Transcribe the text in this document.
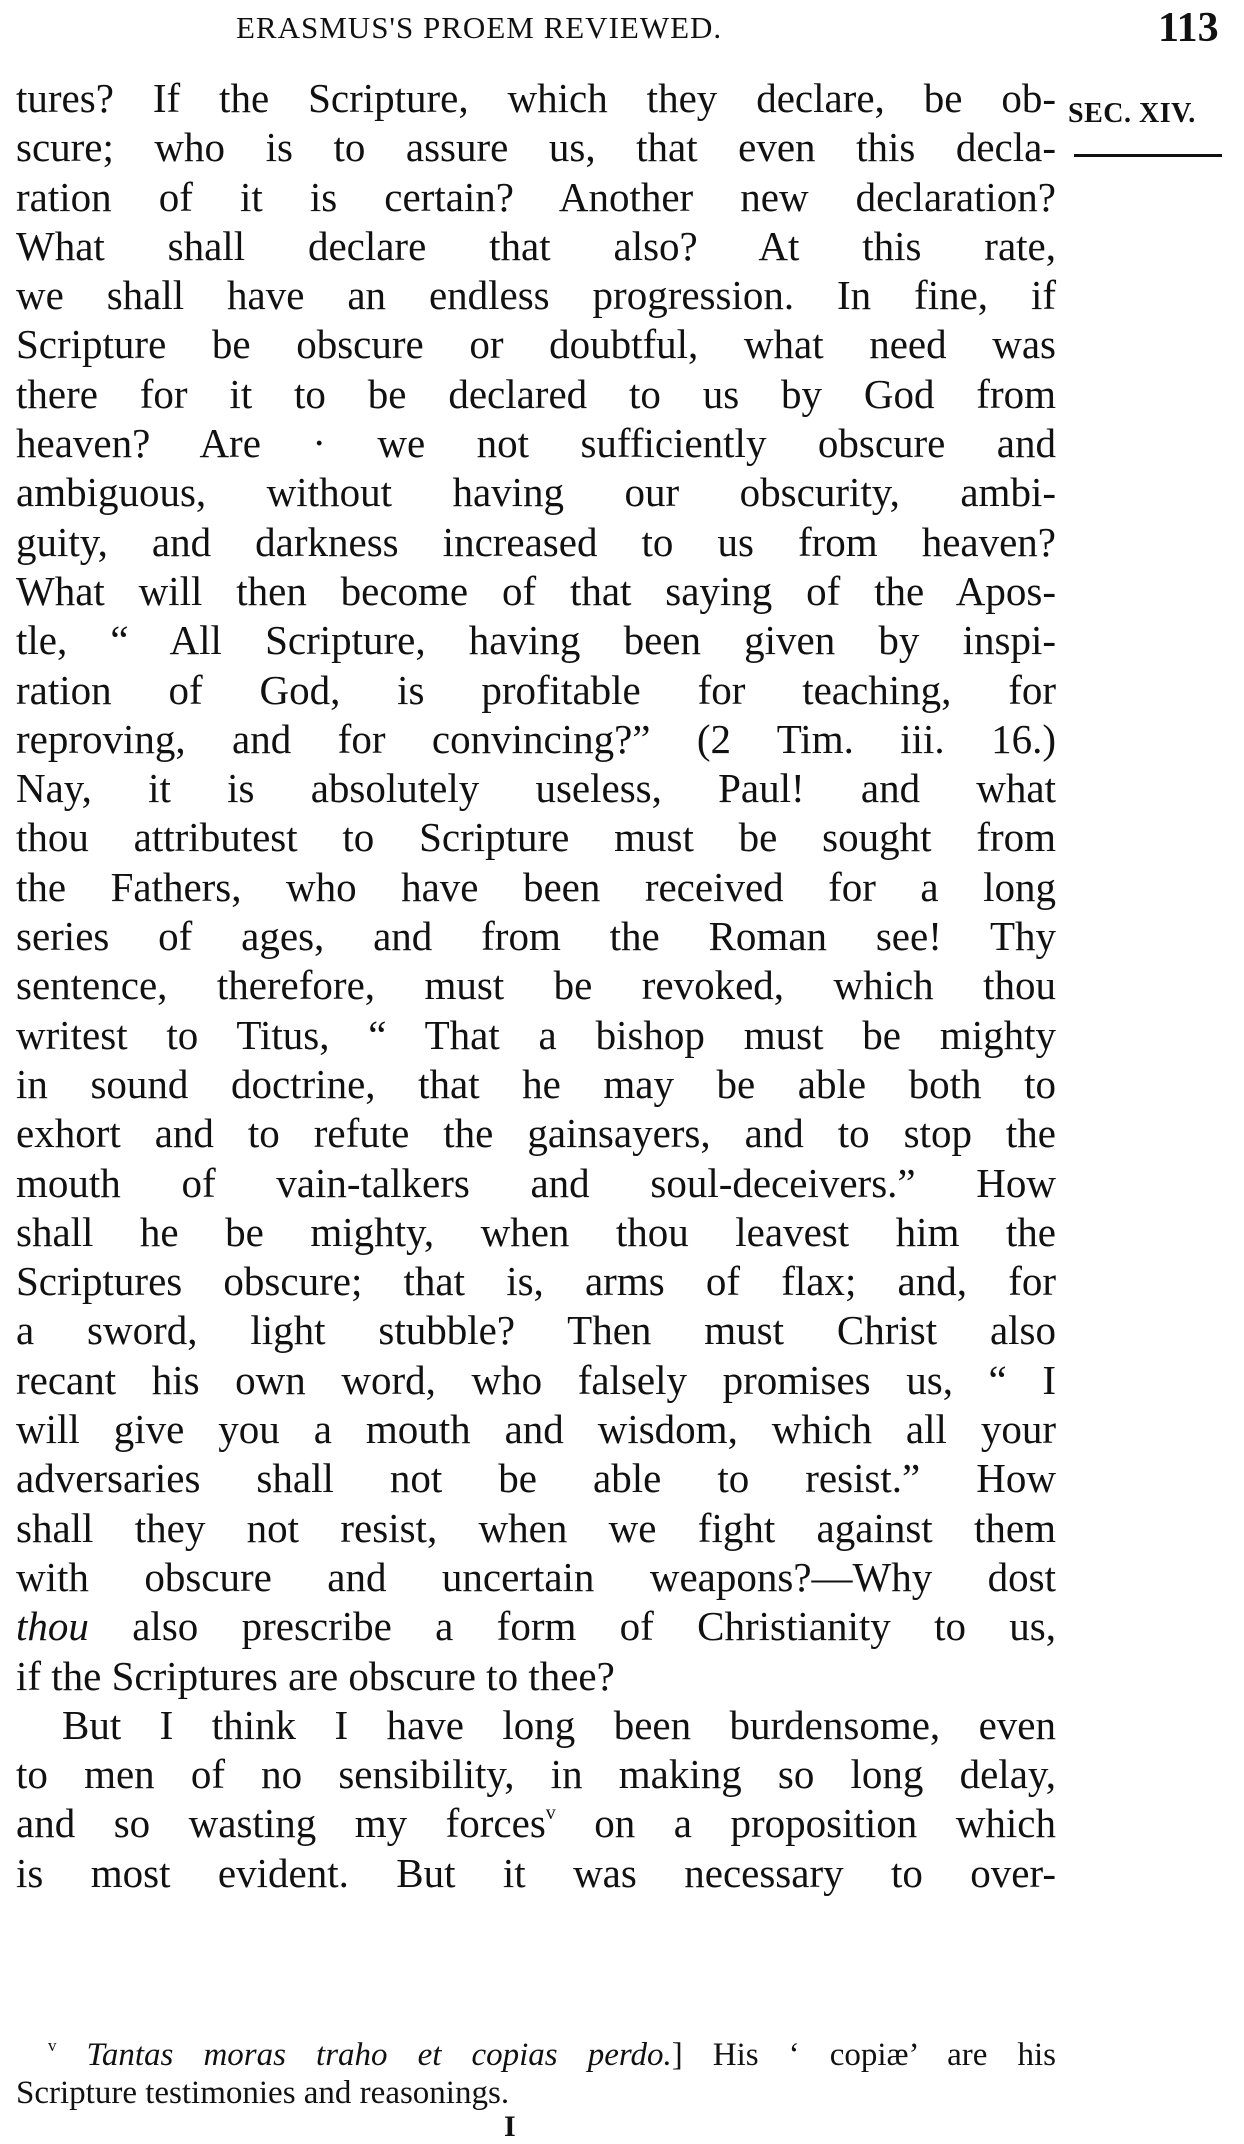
ERASMUS'S PROEM REVIEWED.	113
SEC. XIV.
tures? If the Scripture, which they declare, be ob-
scure; who is to assure us, that even this decla-
ration of it is certain? Another new declaration?
What shall declare that also? At this rate,
we shall have an endless progression. In fine, if
Scripture be obscure or doubtful, what need was
there for it to be declared to us by God from
heaven? Are · we not sufficiently obscure and
ambiguous, without having our obscurity, ambi-
guity, and darkness increased to us from heaven?
What will then become of that saying of the Apos-
tle, “ All Scripture, having been given by inspi-
ration of God, is profitable for teaching, for
reproving, and for convincing?” (2 Tim. iii. 16.)
Nay, it is absolutely useless, Paul! and what
thou attributest to Scripture must be sought from
the Fathers, who have been received for a long
series of ages, and from the Roman see! Thy
sentence, therefore, must be revoked, which thou
writest to Titus, “ That a bishop must be mighty
in sound doctrine, that he may be able both to
exhort and to refute the gainsayers, and to stop the
mouth of vain-talkers and soul-deceivers.” How
shall he be mighty, when thou leavest him the
Scriptures obscure; that is, arms of flax; and, for
a sword, light stubble? Then must Christ also
recant his own word, who falsely promises us, “ I
will give you a mouth and wisdom, which all your
adversaries shall not be able to resist.” How
shall they not resist, when we fight against them
with obscure and uncertain weapons?—Why dost
thou also prescribe a form of Christianity to us,
if the Scriptures are obscure to thee?
But I think I have long been burdensome, even
to men of no sensibility, in making so long delay,
and so wasting my forces$^v$ on a proposition which
is most evident. But it was necessary to over-
$^v$ Tantas moras traho et copias perdo.] His ‘ copiæ’ are his
Scripture testimonies and reasonings.
I
